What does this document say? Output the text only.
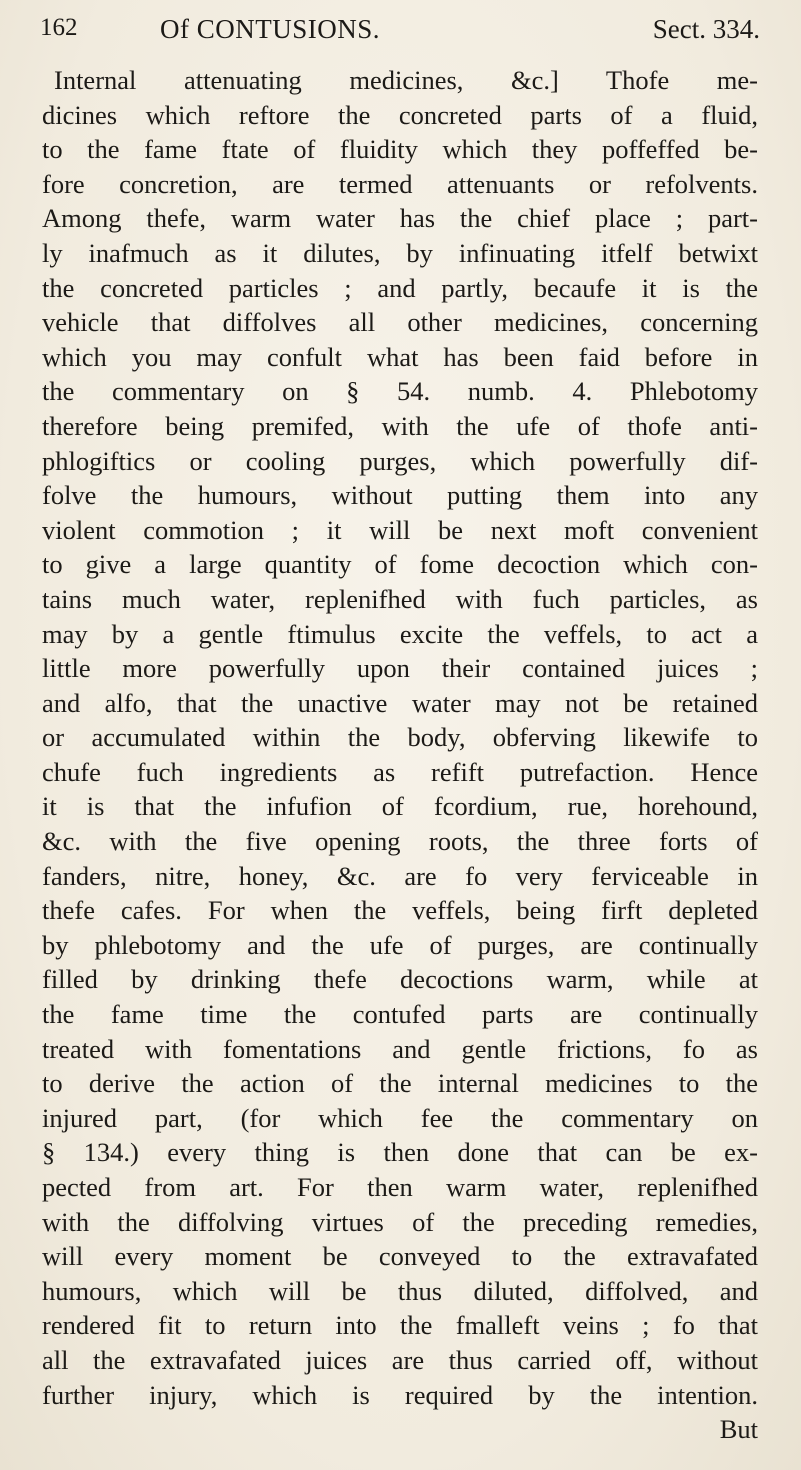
162	Of CONTUSIONS.	Sect. 334.
Internal attenuating medicines, &c.] Thofe me-
dicines which reftore the concreted parts of a fluid,
to the fame ftate of fluidity which they poffeffed be-
fore concretion, are termed attenuants or refolvents.
Among thefe, warm water has the chief place ; part-
ly inafmuch as it dilutes, by infinuating itfelf betwixt
the concreted particles ; and partly, becaufe it is the
vehicle that diffolves all other medicines, concerning
which you may confult what has been faid before in
the commentary on § 54. numb. 4. Phlebotomy
therefore being premifed, with the ufe of thofe anti-
phlogiftics or cooling purges, which powerfully dif-
folve the humours, without putting them into any
violent commotion ; it will be next moft convenient
to give a large quantity of fome decoction which con-
tains much water, replenifhed with fuch particles, as
may by a gentle ftimulus excite the veffels, to act a
little more powerfully upon their contained juices ;
and alfo, that the unactive water may not be retained
or accumulated within the body, obferving likewife to
chufe fuch ingredients as refift putrefaction. Hence
it is that the infufion of fcordium, rue, horehound,
&c. with the five opening roots, the three forts of
fanders, nitre, honey, &c. are fo very ferviceable in
thefe cafes. For when the veffels, being firft depleted
by phlebotomy and the ufe of purges, are continually
filled by drinking thefe decoctions warm, while at
the fame time the contufed parts are continually
treated with fomentations and gentle frictions, fo as
to derive the action of the internal medicines to the
injured part, (for which fee the commentary on
§ 134.) every thing is then done that can be ex-
pected from art. For then warm water, replenifhed
with the diffolving virtues of the preceding remedies,
will every moment be conveyed to the extravafated
humours, which will be thus diluted, diffolved, and
rendered fit to return into the fmalleft veins ; fo that
all the extravafated juices are thus carried off, without
further injury, which is required by the intention.
But
